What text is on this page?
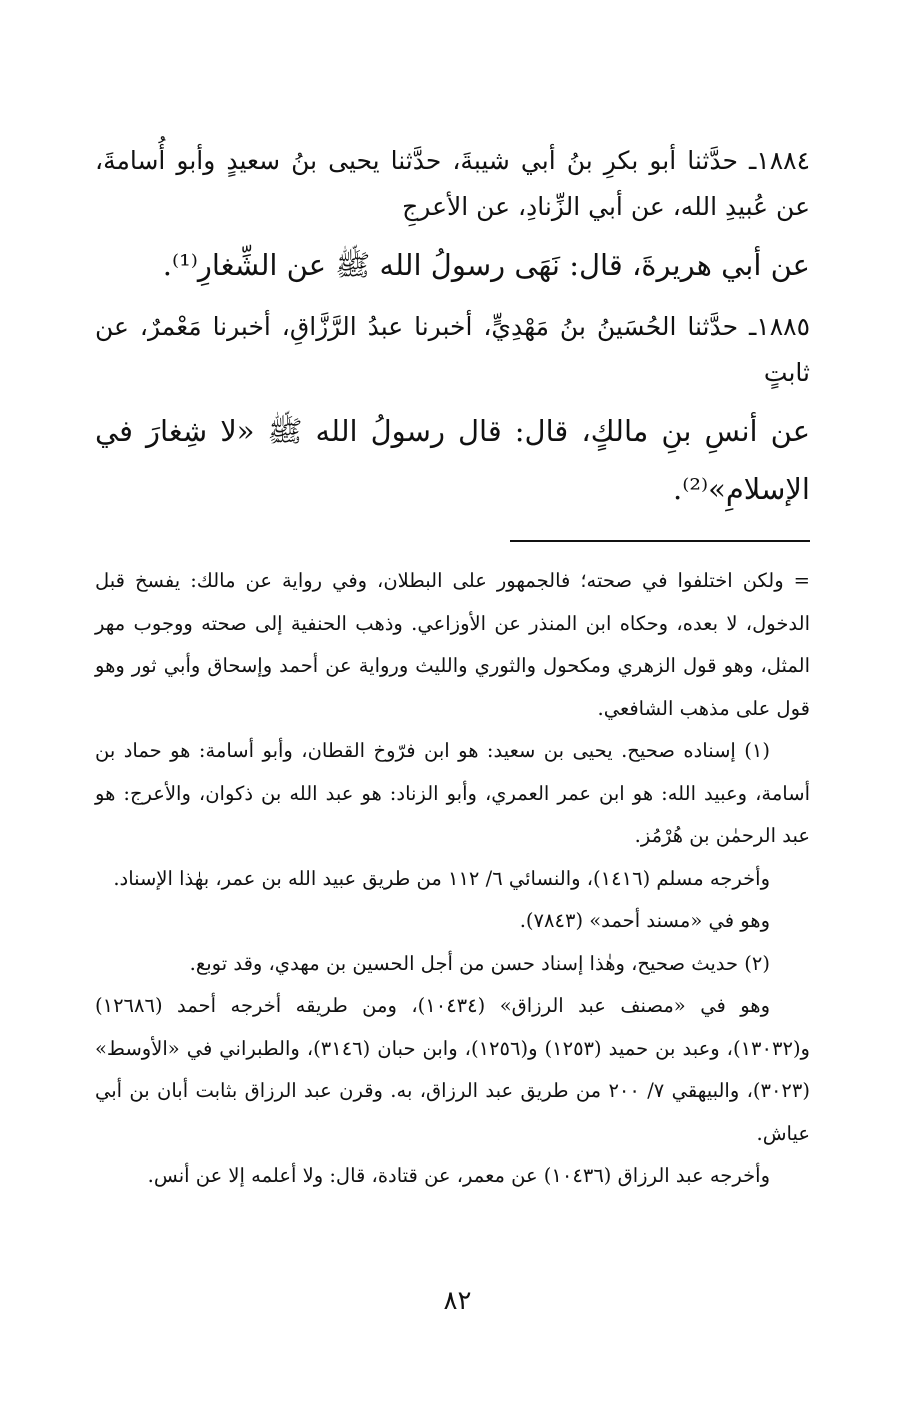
١٨٨٤ـ حدَّثنا أبو بكرِ بنُ أبي شيبةَ، حدَّثنا يحيى بنُ سعيدٍ وأبو أُسامةَ، عن عُبيدِ الله، عن أبي الزِّنادِ، عن الأعرجِ

عن أبي هريرةَ، قال: نَهَى رسولُ الله ﷺ عن الشِّغارِ⁽¹⁾.

١٨٨٥ـ حدَّثنا الحُسَينُ بنُ مَهْدِيٍّ، أخبرنا عبدُ الرَّزَّاقِ، أخبرنا مَعْمرٌ، عن ثابتٍ

عن أنسِ بنِ مالكٍ، قال: قال رسولُ الله ﷺ «لا شِغارَ في الإسلامِ»⁽²⁾.

= ولكن اختلفوا في صحته؛ فالجمهور على البطلان، وفي رواية عن مالك: يفسخ قبل الدخول، لا بعده، وحكاه ابن المنذر عن الأوزاعي. وذهب الحنفية إلى صحته ووجوب مهر المثل، وهو قول الزهري ومكحول والثوري والليث ورواية عن أحمد وإسحاق وأبي ثور وهو قول على مذهب الشافعي.

(١) إسناده صحيح. يحيى بن سعيد: هو ابن فرّوخ القطان، وأبو أسامة: هو حماد بن أسامة، وعبيد الله: هو ابن عمر العمري، وأبو الزناد: هو عبد الله بن ذكوان، والأعرج: هو عبد الرحمٰن بن هُرْمُز.

وأخرجه مسلم (١٤١٦)، والنسائي ٦/ ١١٢ من طريق عبيد الله بن عمر، بهٰذا الإسناد.

وهو في «مسند أحمد» (٧٨٤٣).

(٢) حديث صحيح، وهٰذا إسناد حسن من أجل الحسين بن مهدي، وقد توبع.

وهو في «مصنف عبد الرزاق» (١٠٤٣٤)، ومن طريقه أخرجه أحمد (١٢٦٨٦) و(١٣٠٣٢)، وعبد بن حميد (١٢٥٣) و(١٢٥٦)، وابن حبان (٣١٤٦)، والطبراني في «الأوسط» (٣٠٢٣)، والبيهقي ٧/ ٢٠٠ من طريق عبد الرزاق، به. وقرن عبد الرزاق بثابت أبان بن أبي عياش.

وأخرجه عبد الرزاق (١٠٤٣٦) عن معمر، عن قتادة، قال: ولا أعلمه إلا عن أنس.

٨٢
